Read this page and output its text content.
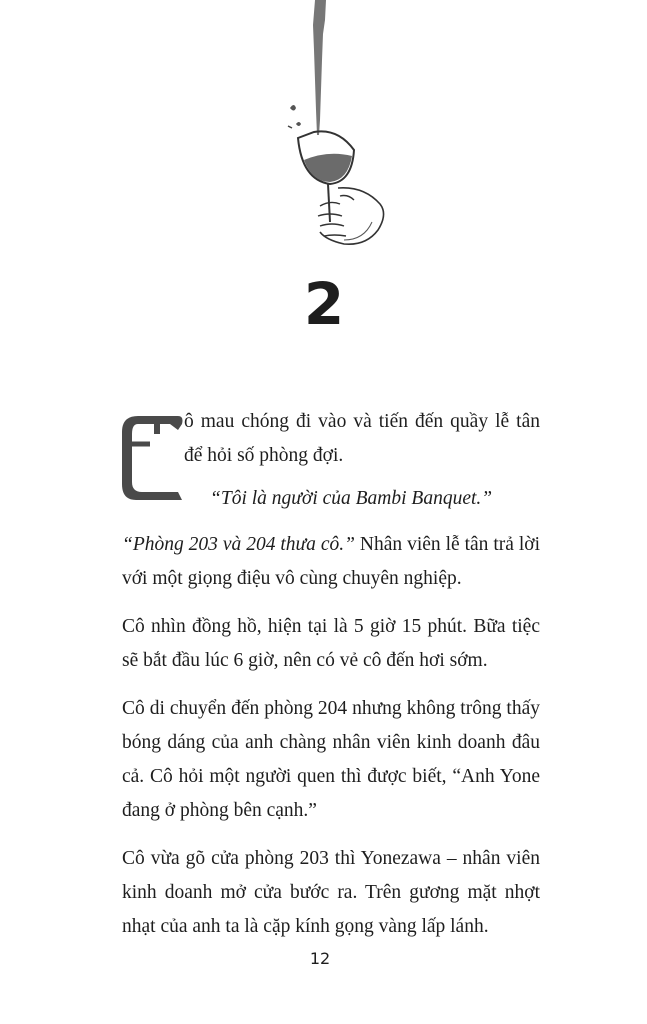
2
ô mau chóng đi vào và tiến đến quầy lễ tân
để hỏi số phòng đợi.

“Tôi là người của Bambi Banquet.”

“Phòng 203 và 204 thưa cô.” Nhân viên lễ tân trả lời với một giọng điệu vô cùng chuyên nghiệp.

Cô nhìn đồng hồ, hiện tại là 5 giờ 15 phút. Bữa tiệc sẽ bắt đầu lúc 6 giờ, nên có vẻ cô đến hơi sớm.

Cô di chuyển đến phòng 204 nhưng không trông thấy bóng dáng của anh chàng nhân viên kinh doanh đâu cả. Cô hỏi một người quen thì được biết, “Anh Yone đang ở phòng bên cạnh.”

Cô vừa gõ cửa phòng 203 thì Yonezawa – nhân viên kinh doanh mở cửa bước ra. Trên gương mặt nhợt nhạt của anh ta là cặp kính gọng vàng lấp lánh.

12
